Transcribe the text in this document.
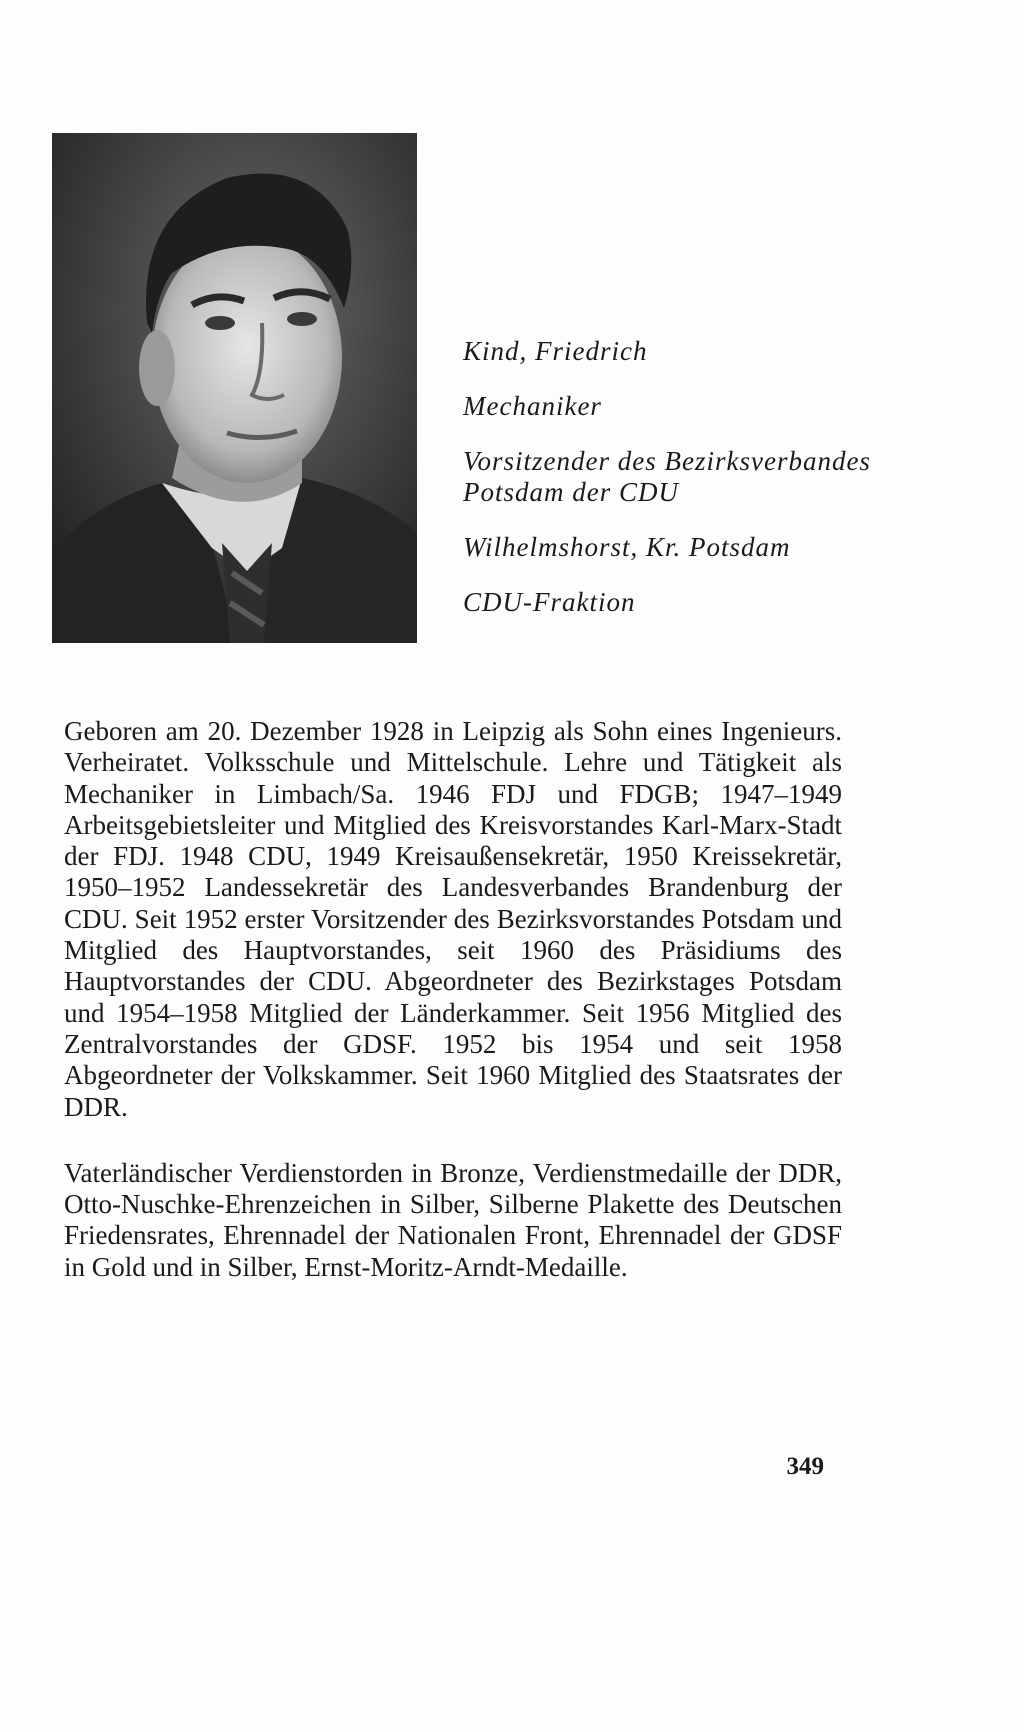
Kind, Friedrich

Mechaniker

Vorsitzender des Bezirksverbandes Potsdam der CDU

Wilhelmshorst, Kr. Potsdam

CDU-Fraktion

Geboren am 20. Dezember 1928 in Leipzig als Sohn eines Ingenieurs. Verheiratet. Volksschule und Mittelschule. Lehre und Tätigkeit als Mechaniker in Limbach/Sa. 1946 FDJ und FDGB; 1947–1949 Arbeitsgebietsleiter und Mitglied des Kreisvorstandes Karl-Marx-Stadt der FDJ. 1948 CDU, 1949 Kreisaußensekretär, 1950 Kreissekretär, 1950–1952 Landessekretär des Landesverbandes Brandenburg der CDU. Seit 1952 erster Vorsitzender des Bezirksvorstandes Potsdam und Mitglied des Hauptvorstandes, seit 1960 des Präsidiums des Hauptvorstandes der CDU. Abgeordneter des Bezirkstages Potsdam und 1954–1958 Mitglied der Länderkammer. Seit 1956 Mitglied des Zentralvorstandes der GDSF. 1952 bis 1954 und seit 1958 Abgeordneter der Volkskammer. Seit 1960 Mitglied des Staatsrates der DDR.

Vaterländischer Verdienstorden in Bronze, Verdienstmedaille der DDR, Otto-Nuschke-Ehrenzeichen in Silber, Silberne Plakette des Deutschen Friedensrates, Ehrennadel der Nationalen Front, Ehrennadel der GDSF in Gold und in Silber, Ernst-Moritz-Arndt-Medaille.

349
